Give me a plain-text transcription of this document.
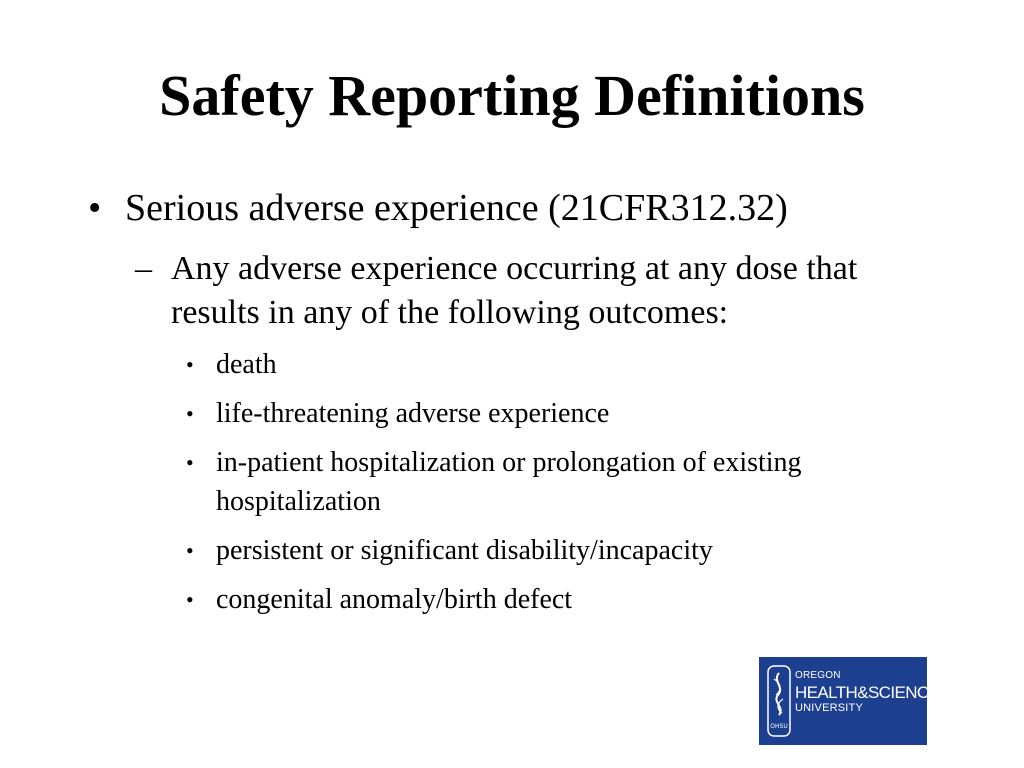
Safety Reporting Definitions
• Serious adverse experience (21CFR312.32)
– Any adverse experience occurring at any dose that results in any of the following outcomes:
• death
• life-threatening adverse experience
• in-patient hospitalization or prolongation of existing hospitalization
• persistent or significant disability/incapacity
• congenital anomaly/birth defect
OHSU
OREGON
HEALTH&SCIENCE
UNIVERSITY
